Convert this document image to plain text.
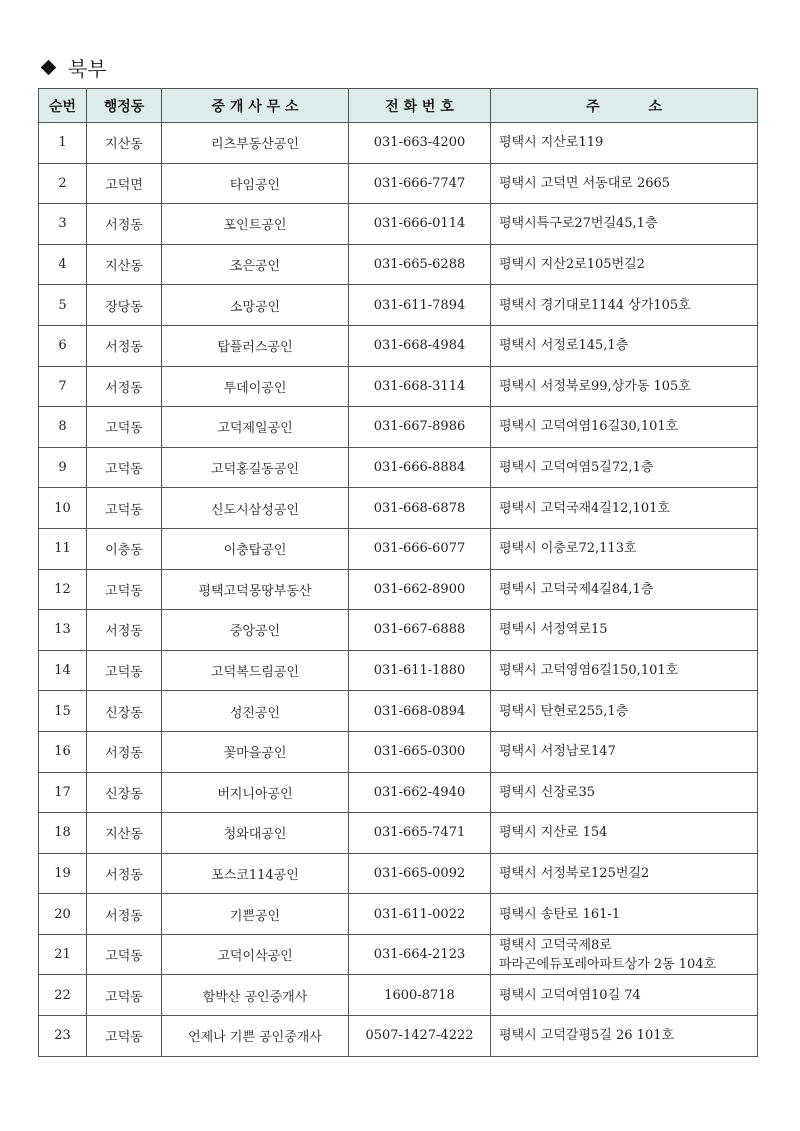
북부
순번	행정동	중 개 사 무 소	전 화 번 호	주          소
1	지산동	리츠부동산공인	031-663-4200	평택시 지산로119

2	고덕면	타임공인	031-666-7747	평택시 고덕면 서동대로 2665

3	서정동	포인트공인	031-666-0114	평택시특구로27번길45,1층

4	지산동	조은공인	031-665-6288	평택시 지산2로105번길2

5	장당동	소망공인	031-611-7894	평택시 경기대로1144 상가105호

6	서정동	탑플러스공인	031-668-4984	평택시 서정로145,1층

7	서정동	투데이공인	031-668-3114	평택시 서정북로99,상가동 105호

8	고덕동	고덕제일공인	031-667-8986	평택시 고덕여염16길30,101호

9	고덕동	고덕홍길동공인	031-666-8884	평택시 고덕여염5길72,1층

10	고덕동	신도시삼성공인	031-668-6878	평택시 고덕국재4길12,101호

11	이충동	이충탑공인	031-666-6077	평택시 이충로72,113호

12	고덕동	평택고덕몽땅부동산	031-662-8900	평택시 고덕국제4길84,1층

13	서정동	중앙공인	031-667-6888	평택시 서정역로15

14	고덕동	고덕복드림공인	031-611-1880	평택시 고덕영염6길150,101호

15	신장동	성진공인	031-668-0894	평택시 탄현로255,1층

16	서정동	꽃마을공인	031-665-0300	평택시 서정남로147

17	신장동	버지니아공인	031-662-4940	평택시 신장로35

18	지산동	청와대공인	031-665-7471	평택시 지산로 154

19	서정동	포스코114공인	031-665-0092	평택시 서정북로125번길2

20	서정동	기쁜공인	031-611-0022	평택시 송탄로 161-1

21	고덕동	고덕이삭공인	031-664-2123	평택시 고덕국제8로
파라곤에듀포레아파트상가 2동 104호

22	고덕동	함박산 공인중개사	1600-8718	평택시 고덕여염10길 74

23	고덕동	언제나 기쁜 공인중개사	0507-1427-4222	평택시 고덕갈평5길 26 101호
